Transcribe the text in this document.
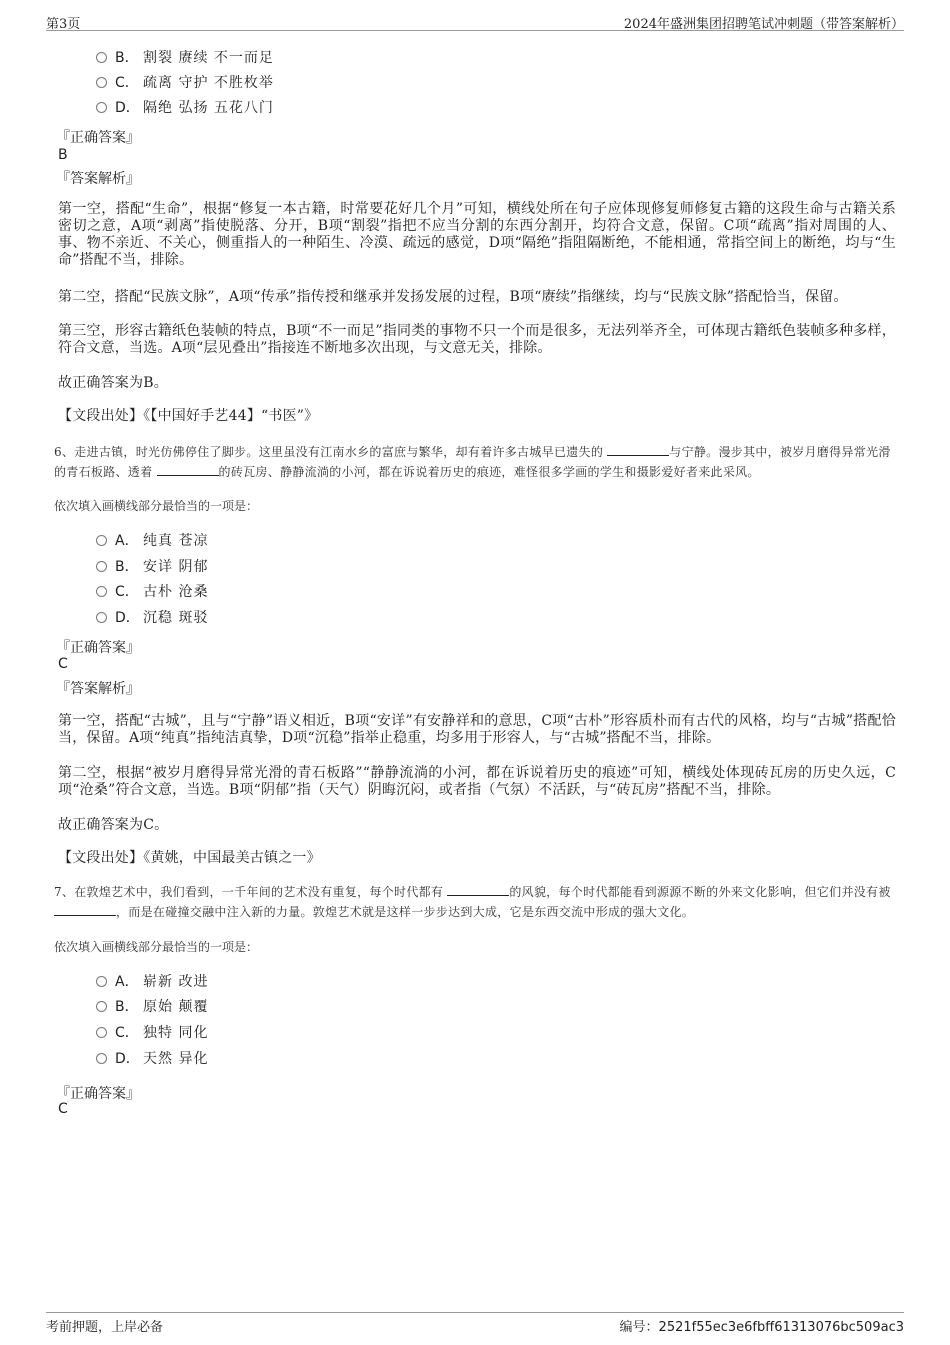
第3页	2024年盛洲集团招聘笔试冲刺题（带答案解析）
B． 割裂 赓续 不一而足
C． 疏离 守护 不胜枚举
D． 隔绝 弘扬 五花八门
『正确答案』
B
『答案解析』
第一空，搭配“生命”，根据“修复一本古籍，时常要花好几个月”可知，横线处所在句子应体现修复师修复古籍的这段生命与古籍关系密切之意，A项“剥离”指使脱落、分开，B项“割裂”指把不应当分割的东西分割开，均符合文意，保留。C项“疏离”指对周围的人、事、物不亲近、不关心，侧重指人的一种陌生、冷漠、疏远的感觉，D项“隔绝”指阻隔断绝，不能相通，常指空间上的断绝，均与“生命”搭配不当，排除。
第二空，搭配“民族文脉”，A项“传承”指传授和继承并发扬发展的过程，B项“赓续”指继续，均与“民族文脉”搭配恰当，保留。
第三空，形容古籍纸色装帧的特点，B项“不一而足”指同类的事物不只一个而是很多，无法列举齐全，可体现古籍纸色装帧多种多样，符合文意，当选。A项“层见叠出”指接连不断地多次出现，与文意无关，排除。
故正确答案为B。
【文段出处】《【中国好手艺44】“书医”》
6、走进古镇，时光仿佛停住了脚步。这里虽没有江南水乡的富庶与繁华，却有着许多古城早已遗失的	与宁静。漫步其中，被岁月磨得异常光滑的青石板路、透着	的砖瓦房、静静流淌的小河，都在诉说着历史的痕迹，难怪很多学画的学生和摄影爱好者来此采风。
依次填入画横线部分最恰当的一项是：
A． 纯真 苍凉
B． 安详 阴郁
C． 古朴 沧桑
D． 沉稳 斑驳
『正确答案』
C
『答案解析』
第一空，搭配“古城”，且与“宁静”语义相近，B项“安详”有安静祥和的意思，C项“古朴”形容质朴而有古代的风格，均与“古城”搭配恰当，保留。A项“纯真”指纯洁真挚，D项“沉稳”指举止稳重，均多用于形容人，与“古城”搭配不当，排除。
第二空，根据“被岁月磨得异常光滑的青石板路”“静静流淌的小河，都在诉说着历史的痕迹”可知，横线处体现砖瓦房的历史久远，C项“沧桑”符合文意，当选。B项“阴郁”指（天气）阴晦沉闷，或者指（气氛）不活跃，与“砖瓦房”搭配不当，排除。
故正确答案为C。
【文段出处】《黄姚，中国最美古镇之一》
7、在敦煌艺术中，我们看到，一千年间的艺术没有重复，每个时代都有	的风貌，每个时代都能看到源源不断的外来文化影响，但它们并没有被 ，而是在碰撞交融中注入新的力量。敦煌艺术就是这样一步步达到大成，它是东西交流中形成的强大文化。
依次填入画横线部分最恰当的一项是：
A． 崭新 改进
B． 原始 颠覆
C． 独特 同化
D． 天然 异化
『正确答案』
C
考前押题，上岸必备	编号：2521f55ec3e6fbff61313076bc509ac3
